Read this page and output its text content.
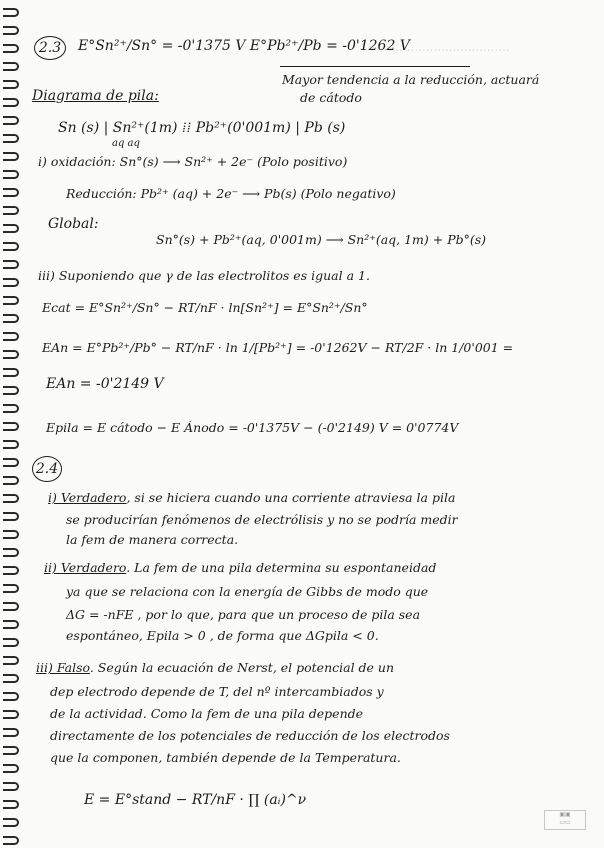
..................................
2.3	E°Sn²⁺/Sn° = -0'1375 V E°Pb²⁺/Pb = -0'1262 V
Mayor tendencia a la reducción, actuará
de cátodo
Diagrama de pila:
Sn (s) | Sn²⁺(1m) ⁞⁞ Pb²⁺(0'001m) | Pb (s)
aq aq
i) oxidación: Sn°(s) ⟶ Sn²⁺ + 2e⁻ (Polo positivo)
Reducción: Pb²⁺ (aq) + 2e⁻ ⟶ Pb(s) (Polo negativo)
Global:
Sn°(s) + Pb²⁺(aq, 0'001m) ⟶ Sn²⁺(aq, 1m) + Pb°(s)
iii) Suponiendo que γ de las electrolitos es igual a 1.
Ecat = E°Sn²⁺/Sn° − RT/nF · ln[Sn²⁺] = E°Sn²⁺/Sn°
EAn = E°Pb²⁺/Pb° − RT/nF · ln 1/[Pb²⁺] = -0'1262V − RT/2F · ln 1/0'001 =
EAn = -0'2149 V
Epila = E cátodo − E Ánodo = -0'1375V − (-0'2149) V = 0'0774V
2.4
i) Verdadero, si se hiciera cuando una corriente atraviesa la pila
se producirían fenómenos de electrólisis y no se podría medir
la fem de manera correcta.
ii) Verdadero. La fem de una pila determina su espontaneidad
ya que se relaciona con la energía de Gibbs de modo que
ΔG = -nFE , por lo que, para que un proceso de pila sea
espontáneo, Epila > 0 , de forma que ΔGpila < 0.
iii) Falso. Según la ecuación de Nerst, el potencial de un
dep electrodo depende de T, del nº intercambiados y
de la actividad. Como la fem de una pila depende
directamente de los potenciales de reducción de los electrodos
que la componen, también depende de la Temperatura.
E = E°stand − RT/nF · ∏ (aᵢ)^ν
▣▣
▭▭
